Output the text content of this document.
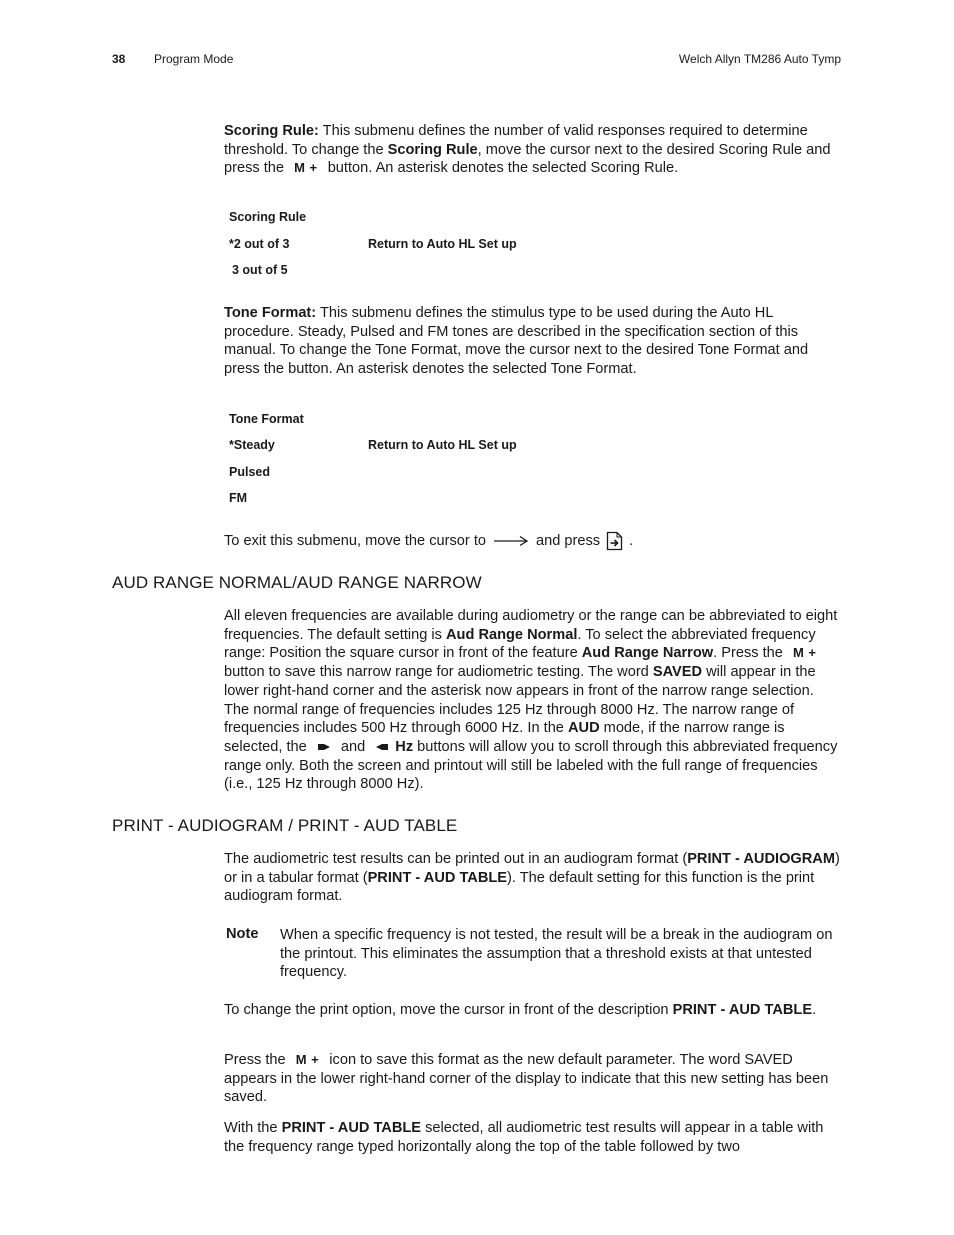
38 Program Mode	Welch Allyn TM286 Auto Tymp

Scoring Rule: This submenu defines the number of valid responses required to determine threshold. To change the Scoring Rule, move the cursor next to the desired Scoring Rule and press the M + button. An asterisk denotes the selected Scoring Rule.

Scoring Rule
*2 out of 3	Return to Auto HL Set up
3 out of 5

Tone Format: This submenu defines the stimulus type to be used during the Auto HL procedure. Steady, Pulsed and FM tones are described in the specification section of this manual. To change the Tone Format, move the cursor next to the desired Tone Format and press the button. An asterisk denotes the selected Tone Format.

Tone Format
*Steady	Return to Auto HL Set up
Pulsed
FM

To exit this submenu, move the cursor to	and press .

AUD RANGE NORMAL/AUD RANGE NARROW

All eleven frequencies are available during audiometry or the range can be abbreviated to eight frequencies. The default setting is Aud Range Normal. To select the abbreviated frequency range: Position the square cursor in front of the feature Aud Range Narrow. Press the M + button to save this narrow range for audiometric testing. The word SAVED will appear in the lower right-hand corner and the asterisk now appears in front of the narrow range selection. The normal range of frequencies includes 125 Hz through 8000 Hz. The narrow range of frequencies includes 500 Hz through 6000 Hz. In the AUD mode, if the narrow range is selected, the  and Hz buttons will allow you to scroll through this abbreviated frequency range only. Both the screen and printout will still be labeled with the full range of frequencies (i.e., 125 Hz through 8000 Hz).

PRINT - AUDIOGRAM / PRINT - AUD TABLE

The audiometric test results can be printed out in an audiogram format (PRINT - AUDIOGRAM) or in a tabular format (PRINT - AUD TABLE). The default setting for this function is the print audiogram format.

Note When a specific frequency is not tested, the result will be a break in the audiogram on the printout. This eliminates the assumption that a threshold exists at that untested frequency.

To change the print option, move the cursor in front of the description PRINT - AUD TABLE.

Press the M + icon to save this format as the new default parameter. The word SAVED appears in the lower right-hand corner of the display to indicate that this new setting has been saved.

With the PRINT - AUD TABLE selected, all audiometric test results will appear in a table with the frequency range typed horizontally along the top of the table followed by two
